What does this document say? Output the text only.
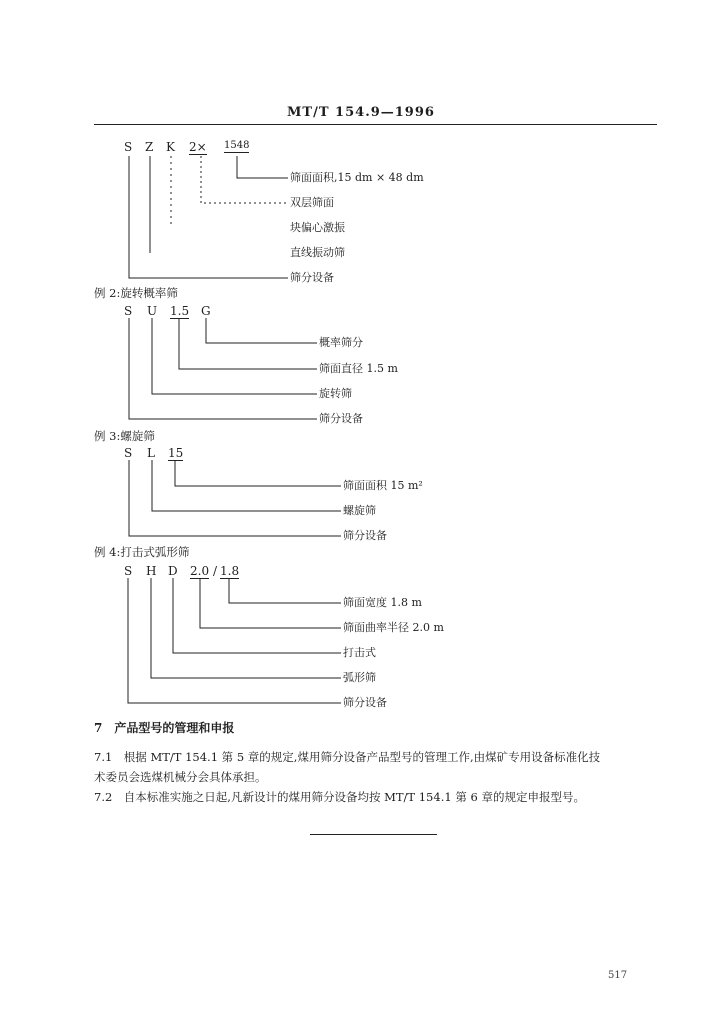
MT/T 154.9—1996
S Z K 2× 1548
筛面面积,15 dm × 48 dm
双层筛面
块偏心激振
直线振动筛
筛分设备
例 2:旋转概率筛
S U 1.5 G
概率筛分
筛面直径 1.5 m
旋转筛
筛分设备
例 3:螺旋筛
S L 15
筛面面积 15 m²
螺旋筛
筛分设备
例 4:打击式弧形筛
S H D 2.0 / 1.8
筛面宽度 1.8 m
筛面曲率半径 2.0 m
打击式
弧形筛
筛分设备
7　产品型号的管理和申报
7.1　根据 MT/T 154.1 第 5 章的规定,煤用筛分设备产品型号的管理工作,由煤矿专用设备标准化技
术委员会选煤机械分会具体承担。
7.2　自本标准实施之日起,凡新设计的煤用筛分设备均按 MT/T 154.1 第 6 章的规定申报型号。
517
